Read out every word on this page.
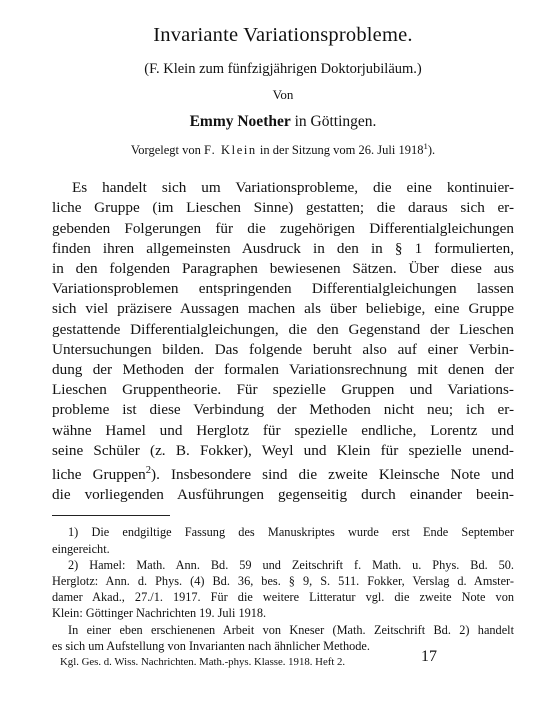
Invariante Variationsprobleme.
(F. Klein zum fünfzigjährigen Doktorjubiläum.)
Von
Emmy Noether in Göttingen.
Vorgelegt von F. Klein in der Sitzung vom 26. Juli 1918$^1$).
Es handelt sich um Variationsprobleme, die eine kontinuier-
liche Gruppe (im Lieschen Sinne) gestatten; die daraus sich er-
gebenden Folgerungen für die zugehörigen Differentialgleichungen
finden ihren allgemeinsten Ausdruck in den in § 1 formulierten,
in den folgenden Paragraphen bewiesenen Sätzen. Über diese aus
Variationsproblemen entspringenden Differentialgleichungen lassen
sich viel präzisere Aussagen machen als über beliebige, eine Gruppe
gestattende Differentialgleichungen, die den Gegenstand der Lieschen
Untersuchungen bilden. Das folgende beruht also auf einer Verbin-
dung der Methoden der formalen Variationsrechnung mit denen der
Lieschen Gruppentheorie. Für spezielle Gruppen und Variations-
probleme ist diese Verbindung der Methoden nicht neu; ich er-
wähne Hamel und Herglotz für spezielle endliche, Lorentz und
seine Schüler (z. B. Fokker), Weyl und Klein für spezielle unend-
liche Gruppen$^2$). Insbesondere sind die zweite Kleinsche Note und
die vorliegenden Ausführungen gegenseitig durch einander beein-
1) Die endgiltige Fassung des Manuskriptes wurde erst Ende September
eingereicht.
2) Hamel: Math. Ann. Bd. 59 und Zeitschrift f. Math. u. Phys. Bd. 50.
Herglotz: Ann. d. Phys. (4) Bd. 36, bes. § 9, S. 511. Fokker, Verslag d. Amster-
damer Akad., 27./1. 1917. Für die weitere Litteratur vgl. die zweite Note von
Klein: Göttinger Nachrichten 19. Juli 1918.
In einer eben erschienenen Arbeit von Kneser (Math. Zeitschrift Bd. 2) handelt
es sich um Aufstellung von Invarianten nach ähnlicher Methode.
Kgl. Ges. d. Wiss. Nachrichten. Math.-phys. Klasse. 1918. Heft 2.	17
